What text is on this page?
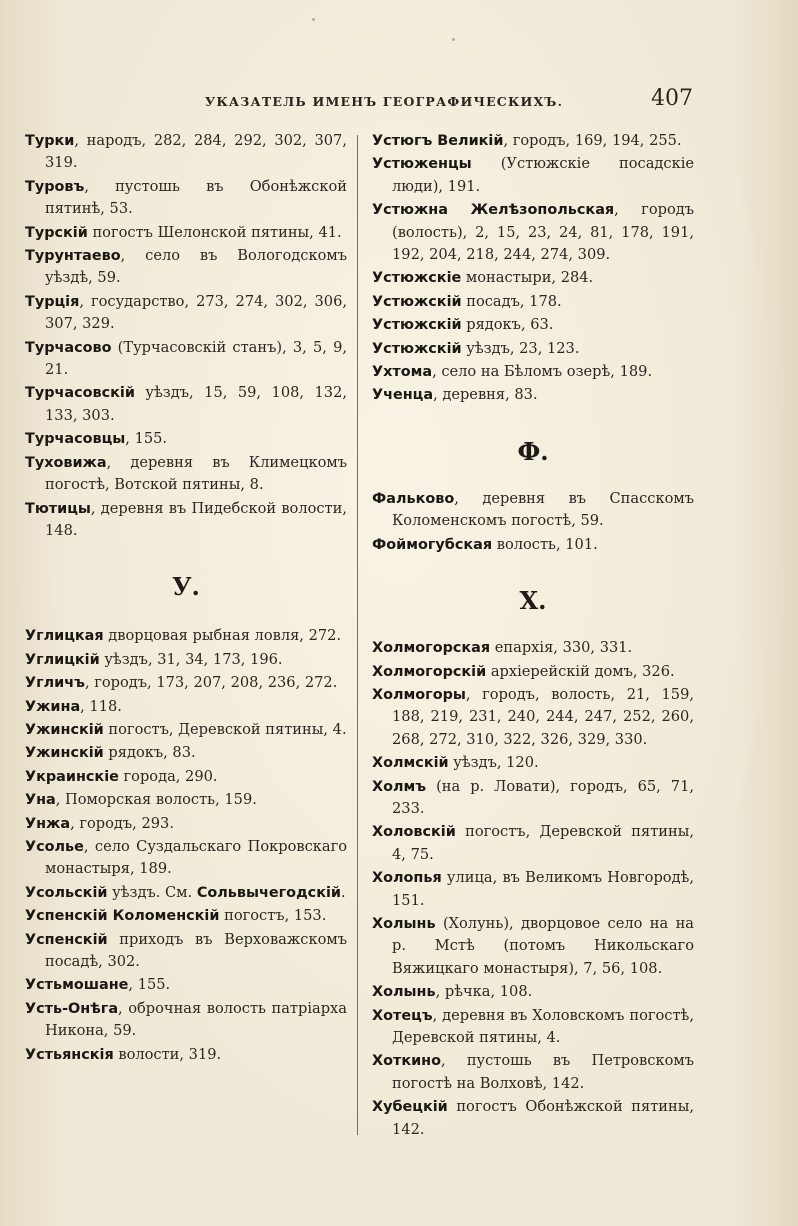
УКАЗАТЕЛЬ ИМЕНЪ ГЕОГРАФИЧЕСКИХЪ.	407
Турки, народъ, 282, 284, 292, 302, 307, 319.
Туровъ, пустошь въ Обонѣжской пятинѣ, 53.
Турскій погостъ Шелонской пятины, 41.
Турунтаево, село въ Вологодскомъ уѣздѣ, 59.
Турція, государство, 273, 274, 302, 306, 307, 329.
Турчасово (Турчасовскій станъ), 3, 5, 9, 21.
Турчасовскій уѣздъ, 15, 59, 108, 132, 133, 303.
Турчасовцы, 155.
Туховижа, деревня въ Климецкомъ погостѣ, Вотской пятины, 8.
Тютицы, деревня въ Пидебской волости, 148.
У.
Углицкая дворцовая рыбная ловля, 272.
Углицкій уѣздъ, 31, 34, 173, 196.
Угличъ, городъ, 173, 207, 208, 236, 272.
Ужина, 118.
Ужинскій погостъ, Деревской пятины, 4.
Ужинскій рядокъ, 83.
Украинскіе города, 290.
Уна, Поморская волость, 159.
Унжа, городъ, 293.
Усолье, село Суздальскаго Покровскаго монастыря, 189.
Усольскій уѣздъ. См. Сольвычегодскій.
Успенскій Коломенскій погостъ, 153.
Успенскій приходъ въ Верховажскомъ посадѣ, 302.
Устьмошане, 155.
Усть-Онѣга, оброчная волость патріарха Никона, 59.
Устьянскія волости, 319.
Устюгъ Великій, городъ, 169, 194, 255.
Устюженцы (Устюжскіе посадскіе люди), 191.
Устюжна Желѣзопольская, городъ (волость), 2, 15, 23, 24, 81, 178, 191, 192, 204, 218, 244, 274, 309.
Устюжскіе монастыри, 284.
Устюжскій посадъ, 178.
Устюжскій рядокъ, 63.
Устюжскій уѣздъ, 23, 123.
Ухтома, село на Бѣломъ озерѣ, 189.
Ученца, деревня, 83.
Ф.
Фальково, деревня въ Спасскомъ Коломенскомъ погостѣ, 59.
Фоймогубская волость, 101.
Х.
Холмогорская епархія, 330, 331.
Холмогорскій архіерейскій домъ, 326.
Холмогоры, городъ, волость, 21, 159, 188, 219, 231, 240, 244, 247, 252, 260, 268, 272, 310, 322, 326, 329, 330.
Холмскій уѣздъ, 120.
Холмъ (на р. Ловати), городъ, 65, 71, 233.
Холовскій погостъ, Деревской пятины, 4, 75.
Холопья улица, въ Великомъ Новгородѣ, 151.
Холынь (Холунь), дворцовое село на на р. Мстѣ (потомъ Никольскаго Вяжицкаго монастыря), 7, 56, 108.
Холынь, рѣчка, 108.
Хотецъ, деревня въ Холовскомъ погостѣ, Деревской пятины, 4.
Хоткино, пустошь въ Петровскомъ погостѣ на Волховѣ, 142.
Хубецкій погостъ Обонѣжской пятины, 142.
